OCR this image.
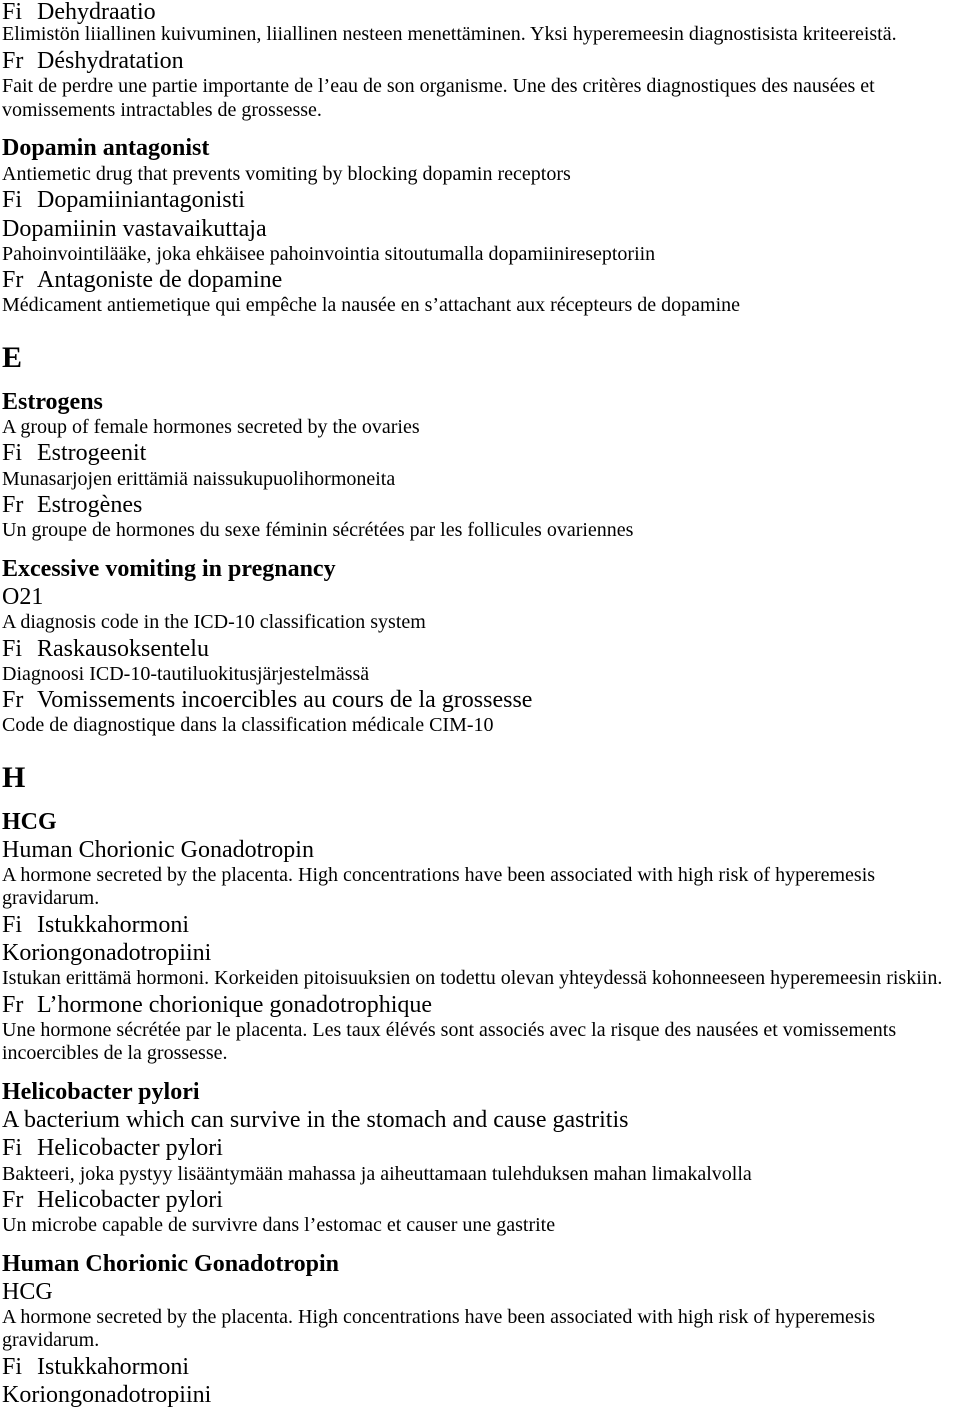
Fi Dehydraatio
Elimistön liiallinen kuivuminen, liiallinen nesteen menettäminen. Yksi hyperemeesin diagnostisista kriteereistä.
Fr Déshydratation
Fait de perdre une partie importante de l’eau de son organisme. Une des critères diagnostiques des nausées et
vomissements intractables de grossesse.
Dopamin antagonist
Antiemetic drug that prevents vomiting by blocking dopamin receptors
Fi Dopamiiniantagonisti
Dopamiinin vastavaikuttaja
Pahoinvointilääke, joka ehkäisee pahoinvointia sitoutumalla dopamiinireseptoriin
Fr Antagoniste de dopamine
Médicament antiemetique qui empêche la nausée en s’attachant aux récepteurs de dopamine
E
Estrogens
A group of female hormones secreted by the ovaries
Fi Estrogeenit
Munasarjojen erittämiä naissukupuolihormoneita
Fr Estrogènes
Un groupe de hormones du sexe féminin sécrétées par les follicules ovariennes
Excessive vomiting in pregnancy
O21
A diagnosis code in the ICD-10 classification system
Fi Raskausoksentelu
Diagnoosi ICD-10-tautiluokitusjärjestelmässä
Fr Vomissements incoercibles au cours de la grossesse
Code de diagnostique dans la classification médicale CIM-10
H
HCG
Human Chorionic Gonadotropin
A hormone secreted by the placenta. High concentrations have been associated with high risk of hyperemesis
gravidarum.
Fi Istukkahormoni
Koriongonadotropiini
Istukan erittämä hormoni. Korkeiden pitoisuuksien on todettu olevan yhteydessä kohonneeseen hyperemeesin riskiin.
Fr L’hormone chorionique gonadotrophique
Une hormone sécrétée par le placenta. Les taux élévés sont associés avec la risque des nausées et vomissements
incoercibles de la grossesse.
Helicobacter pylori
A bacterium which can survive in the stomach and cause gastritis
Fi Helicobacter pylori
Bakteeri, joka pystyy lisääntymään mahassa ja aiheuttamaan tulehduksen mahan limakalvolla
Fr Helicobacter pylori
Un microbe capable de survivre dans l’estomac et causer une gastrite
Human Chorionic Gonadotropin
HCG
A hormone secreted by the placenta. High concentrations have been associated with high risk of hyperemesis
gravidarum.
Fi Istukkahormoni
Koriongonadotropiini
